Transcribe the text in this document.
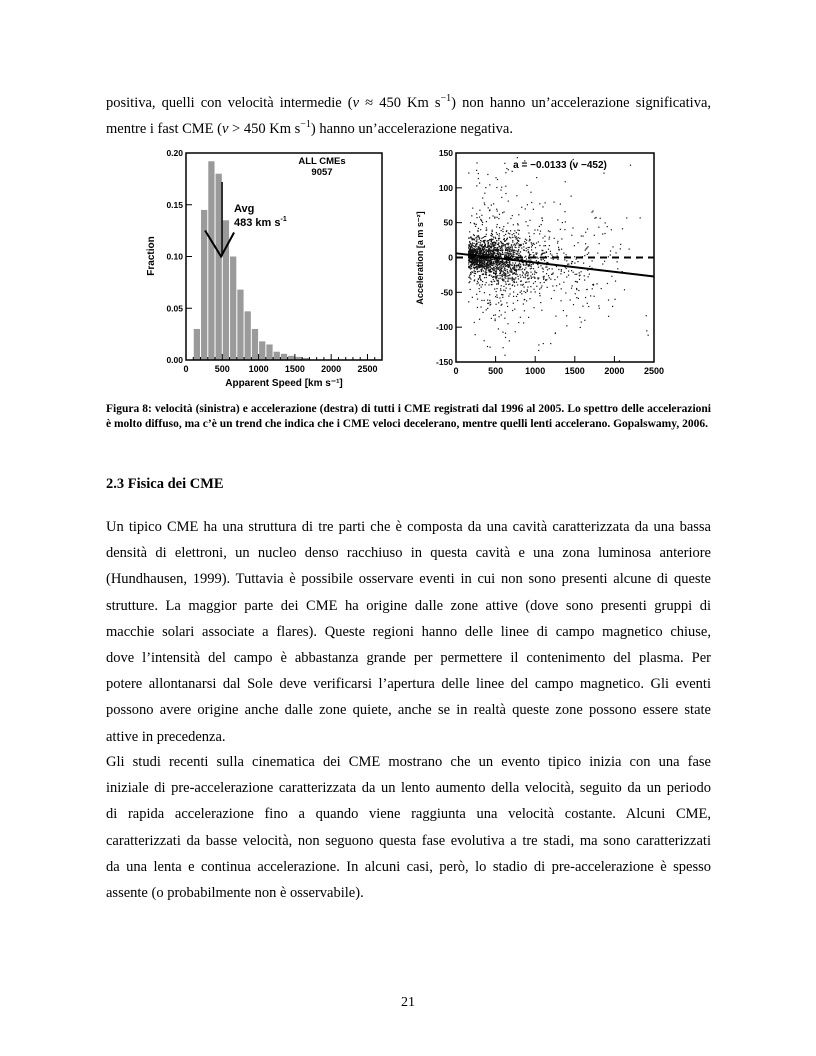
positiva, quelli con velocità intermedie (v ≈ 450 Km $s^{-1}$) non hanno un’accelerazione significativa,
mentre i fast CME (v > 450 Km $s^{-1}$) hanno un’accelerazione negativa.
0.00
0.05
0.10
0.15
0.20
0	500 1000 1500 2000 2500
ALL CMEs
9057
Avg
483 km $s^{-1}$
Fraction
Apparent Speed [km s⁻¹]
-150
-100
-50
0
50
100
150
0	500 1000 1500 2000 2500
a = −0.0133 (v −452)
Acceleration [a m s⁻²]
Figura 8: velocità (sinistra) e accelerazione (destra) di tutti i CME registrati dal 1996 al 2005. Lo spettro delle accelerazioni è molto diffuso, ma c’è un trend che indica che i CME veloci decelerano, mentre quelli lenti accelerano. Gopalswamy, 2006.
2.3 Fisica dei CME
Un tipico CME ha una struttura di tre parti che è composta da una cavità caratterizzata da una bassa
densità di elettroni, un nucleo denso racchiuso in questa cavità e una zona luminosa anteriore
(Hundhausen, 1999). Tuttavia è possibile osservare eventi in cui non sono presenti alcune di queste
strutture. La maggior parte dei CME ha origine dalle zone attive (dove sono presenti gruppi di
macchie solari associate a flares). Queste regioni hanno delle linee di campo magnetico chiuse,
dove l’intensità del campo è abbastanza grande per permettere il contenimento del plasma. Per
potere allontanarsi dal Sole deve verificarsi l’apertura delle linee del campo magnetico. Gli eventi
possono avere origine anche dalle zone quiete, anche se in realtà queste zone possono essere state
attive in precedenza.
Gli studi recenti sulla cinematica dei CME mostrano che un evento tipico inizia con una fase
iniziale di pre-accelerazione caratterizzata da un lento aumento della velocità, seguito da un periodo
di rapida accelerazione fino a quando viene raggiunta una velocità costante. Alcuni CME,
caratterizzati da basse velocità, non seguono questa fase evolutiva a tre stadi, ma sono caratterizzati
da una lenta e continua accelerazione. In alcuni casi, però, lo stadio di pre-accelerazione è spesso
assente (o probabilmente non è osservabile).
21
